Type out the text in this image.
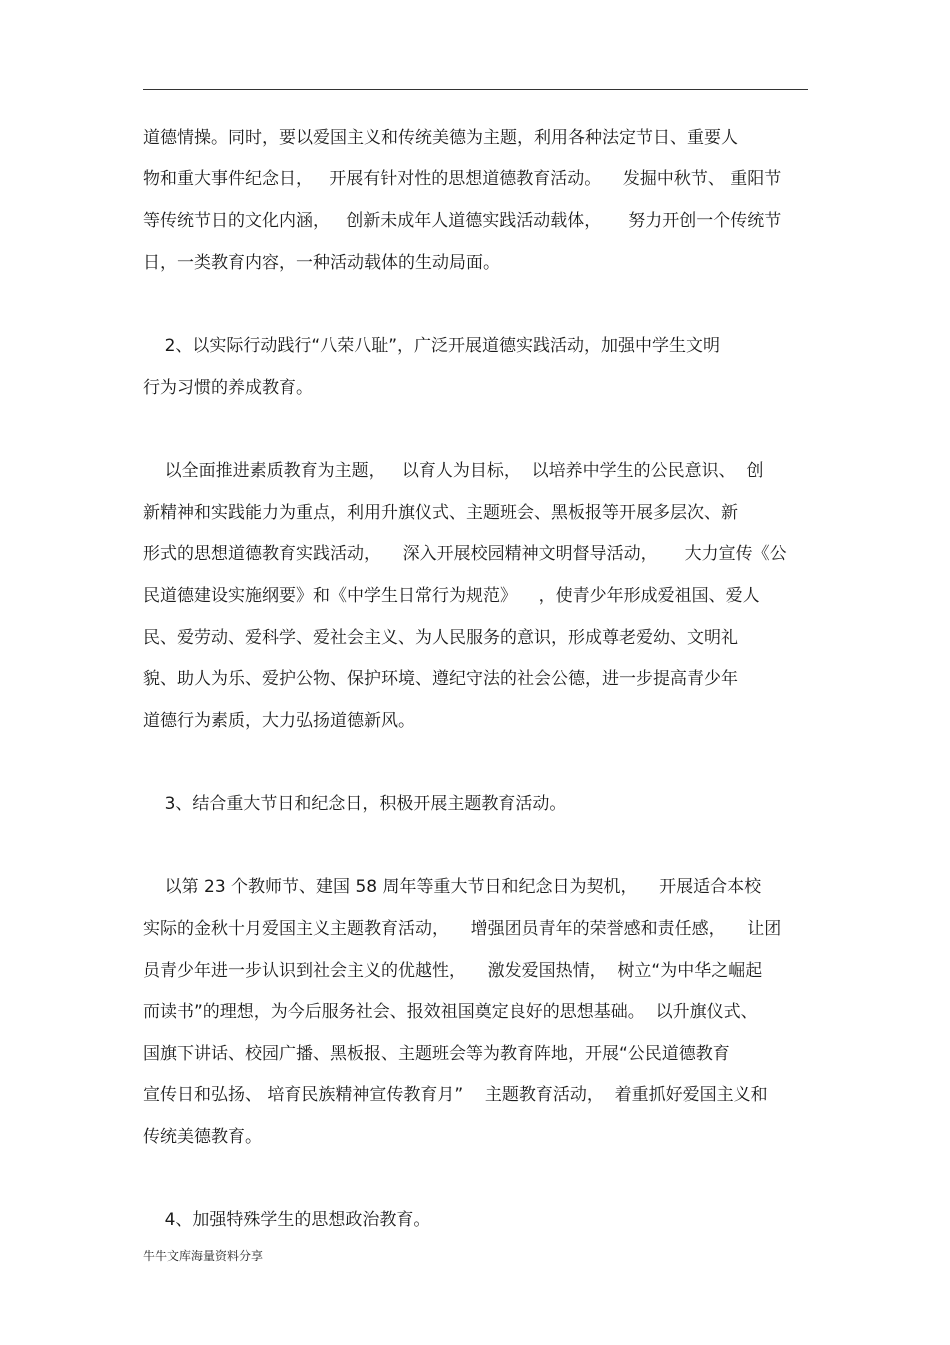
道德情操。同时，要以爱国主义和传统美德为主题，利用各种法定节日、重要人
物和重大事件纪念日，   开展有针对性的思想道德教育活动。    发掘中秋节、 重阳节
等传统节日的文化内涵，   创新未成年人道德实践活动载体，     努力开创一个传统节
日，一类教育内容，一种活动载体的生动局面。
2、以实际行动践行“八荣八耻”，广泛开展道德实践活动，加强中学生文明
行为习惯的养成教育。
以全面推进素质教育为主题，   以育人为目标，  以培养中学生的公民意识、  创
新精神和实践能力为重点，利用升旗仪式、主题班会、黑板报等开展多层次、新
形式的思想道德教育实践活动，    深入开展校园精神文明督导活动，     大力宣传《公
民道德建设实施纲要》和《中学生日常行为规范》    ，使青少年形成爱祖国、爱人
民、爱劳动、爱科学、爱社会主义、为人民服务的意识，形成尊老爱幼、文明礼
貌、助人为乐、爱护公物、保护环境、遵纪守法的社会公德，进一步提高青少年
道德行为素质，大力弘扬道德新风。
3、结合重大节日和纪念日，积极开展主题教育活动。
以第 23 个教师节、建国 58 周年等重大节日和纪念日为契机，    开展适合本校
实际的金秋十月爱国主义主题教育活动，    增强团员青年的荣誉感和责任感，    让团
员青少年进一步认识到社会主义的优越性，    激发爱国热情，  树立“为中华之崛起
而读书”的理想，为今后服务社会、报效祖国奠定良好的思想基础。  以升旗仪式、
国旗下讲话、校园广播、黑板报、主题班会等为教育阵地，开展“公民道德教育
宣传日和弘扬、 培育民族精神宣传教育月”    主题教育活动，  着重抓好爱国主义和
传统美德教育。
4、加强特殊学生的思想政治教育。
牛牛文库海量资料分享
